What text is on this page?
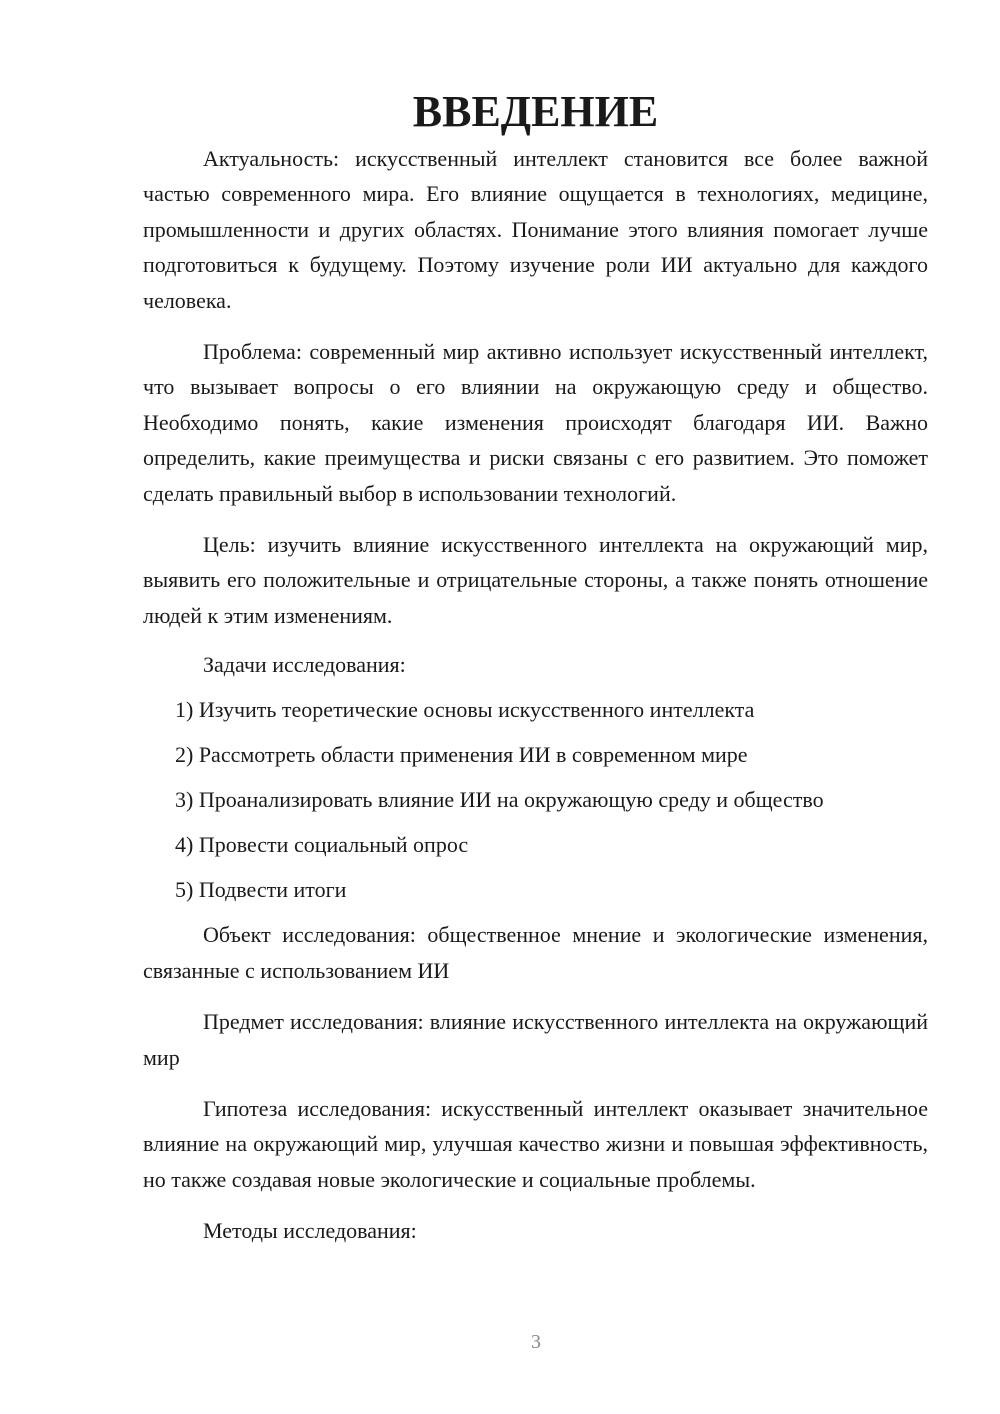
ВВЕДЕНИЕ

Актуальность: искусственный интеллект становится все более важной частью современного мира. Его влияние ощущается в технологиях, медицине, промышленности и других областях. Понимание этого влияния помогает лучше подготовиться к будущему. Поэтому изучение роли ИИ актуально для каждого человека.

Проблема: современный мир активно использует искусственный интеллект, что вызывает вопросы о его влиянии на окружающую среду и общество. Необходимо понять, какие изменения происходят благодаря ИИ. Важно определить, какие преимущества и риски связаны с его развитием. Это поможет сделать правильный выбор в использовании технологий.

Цель: изучить влияние искусственного интеллекта на окружающий мир, выявить его положительные и отрицательные стороны, а также понять отношение людей к этим изменениям.

Задачи исследования:

1) Изучить теоретические основы искусственного интеллекта

2) Рассмотреть области применения ИИ в современном мире

3) Проанализировать влияние ИИ на окружающую среду и общество

4) Провести социальный опрос

5) Подвести итоги

Объект исследования: общественное мнение и экологические изменения, связанные с использованием ИИ

Предмет исследования: влияние искусственного интеллекта на окружающий мир

Гипотеза исследования: искусственный интеллект оказывает значительное влияние на окружающий мир, улучшая качество жизни и повышая эффективность, но также создавая новые экологические и социальные проблемы.

Методы исследования:

3
